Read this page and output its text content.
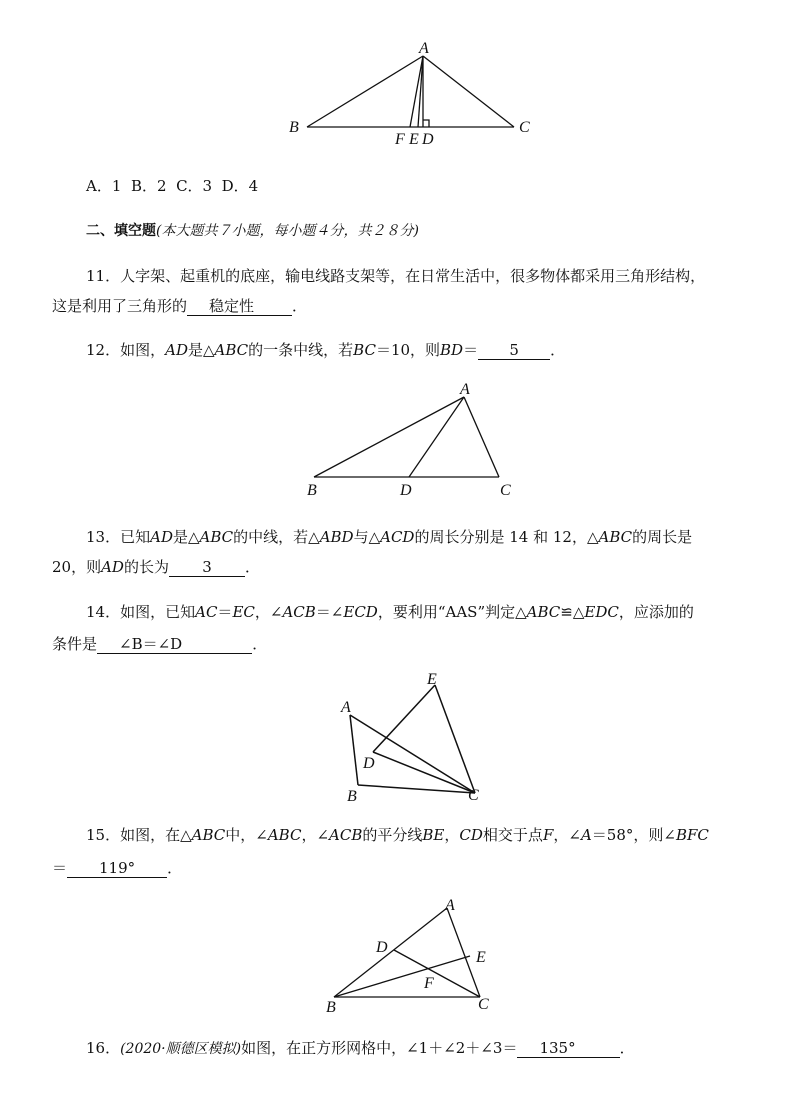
A
B	C
F E D
A．1 B．2 C．3 D．4
二、填空题(本大题共７小题，每小题４分，共２８分)
11．人字架、起重机的底座，输电线路支架等，在日常生活中，很多物体都采用三角形结构，
这是利用了三角形的 稳定性	．
12．如图，AD是△ABC的一条中线，若BC＝10，则BD＝ 5 ．
A
B	D	C
13．已知AD是△ABC的中线，若△ABD与△ACD的周长分别是 14 和 12，△ABC的周长是
20，则AD的长为 3 ．
14．如图，已知AC＝EC，∠ACB＝∠ECD，要利用“AAS”判定△ABC≌△EDC，应添加的
条件是 ∠B＝∠D	．
E
A
D
B	C
15．如图，在△ABC中，∠ABC，∠ACB的平分线BE，CD相交于点F，∠A＝58°，则∠BFC
＝ 119° ．
A
D
E
F
B	C
16．(2020·顺德区模拟)如图，在正方形网格中，∠1＋∠2＋∠3＝ 135°	．
